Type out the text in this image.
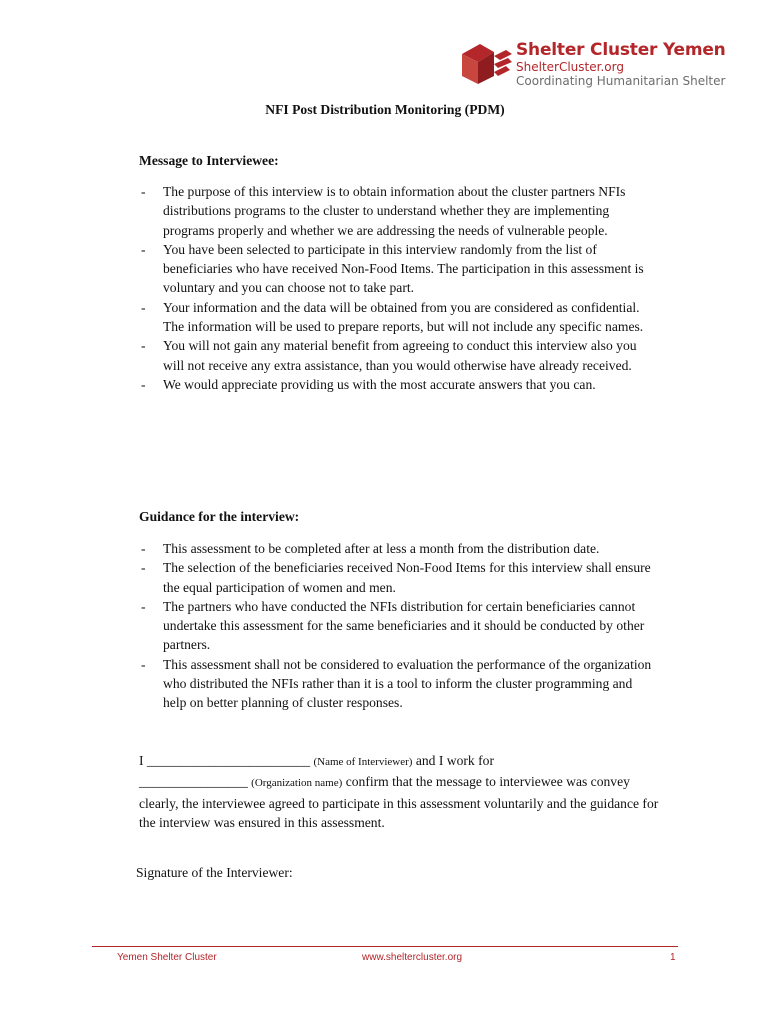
Shelter Cluster Yemen
ShelterCluster.org
Coordinating Humanitarian Shelter
NFI Post Distribution Monitoring (PDM)
Message to Interviewee:
- The purpose of this interview is to obtain information about the cluster partners NFIs distributions programs to the cluster to understand whether they are implementing programs properly and whether we are addressing the needs of vulnerable people.
- You have been selected to participate in this interview randomly from the list of beneficiaries who have received Non-Food Items. The participation in this assessment is voluntary and you can choose not to take part.
- Your information and the data will be obtained from you are considered as confidential. The information will be used to prepare reports, but will not include any specific names.
- You will not gain any material benefit from agreeing to conduct this interview also you will not receive any extra assistance, than you would otherwise have already received.
- We would appreciate providing us with the most accurate answers that you can.
Guidance for the interview:
- This assessment to be completed after at less a month from the distribution date.
- The selection of the beneficiaries received Non-Food Items for this interview shall ensure the equal participation of women and men.
- The partners who have conducted the NFIs distribution for certain beneficiaries cannot undertake this assessment for the same beneficiaries and it should be conducted by other partners.
- This assessment shall not be considered to evaluation the performance of the organization who distributed the NFIs rather than it is a tool to inform the cluster programming and help on better planning of cluster responses.
I ________________________ (Name of Interviewer) and I work for
________________ (Organization name) confirm that the message to interviewee was convey clearly, the interviewee agreed to participate in this assessment voluntarily and the guidance for the interview was ensured in this assessment.
Signature of the Interviewer:
Yemen Shelter Cluster	www.sheltercluster.org	1
